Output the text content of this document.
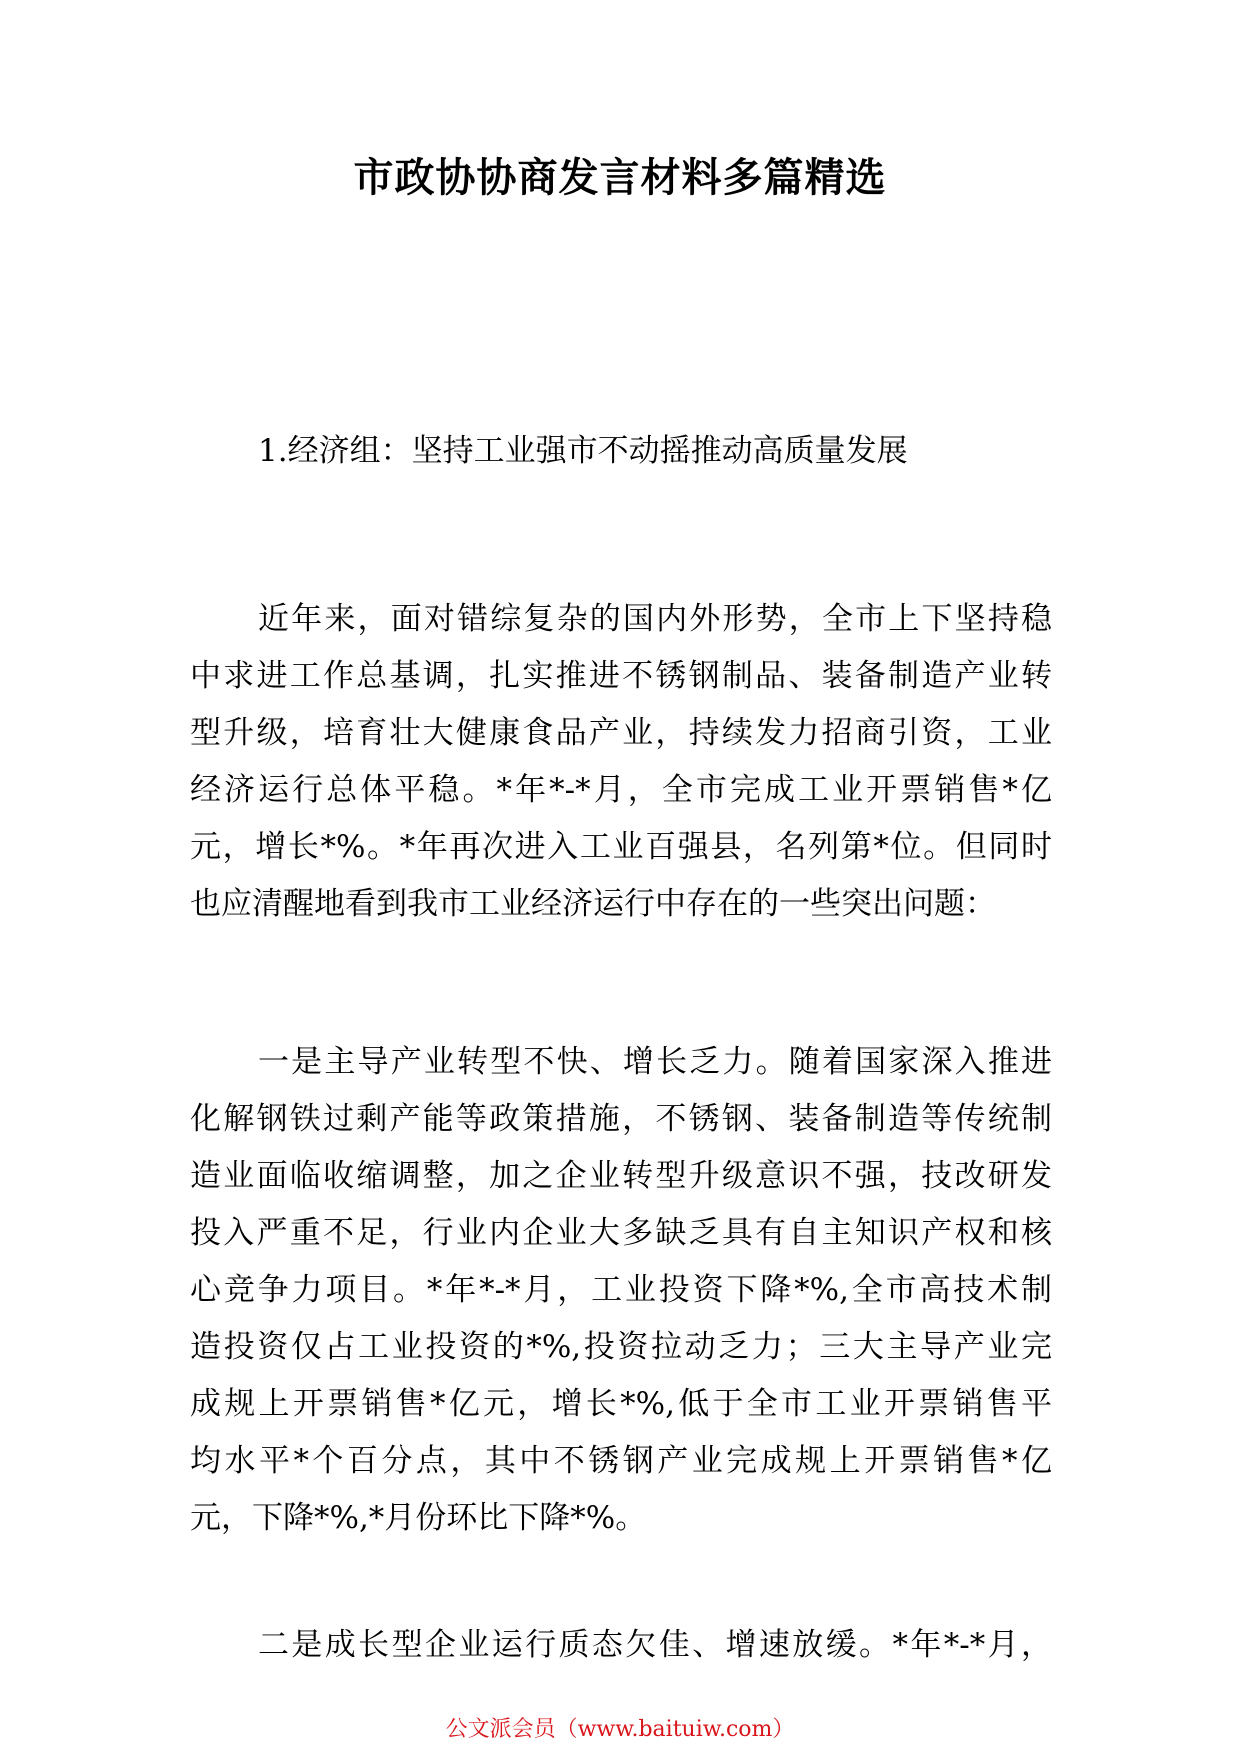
市政协协商发言材料多篇精选

1.经济组：坚持工业强市不动摇推动高质量发展

近年来，面对错综复杂的国内外形势，全市上下坚持稳
中求进工作总基调，扎实推进不锈钢制品、装备制造产业转
型升级，培育壮大健康食品产业，持续发力招商引资，工业
经济运行总体平稳。*年*-*月，全市完成工业开票销售*亿
元，增长*%。*年再次进入工业百强县，名列第*位。但同时
也应清醒地看到我市工业经济运行中存在的一些突出问题：
一是主导产业转型不快、增长乏力。随着国家深入推进
化解钢铁过剩产能等政策措施，不锈钢、装备制造等传统制
造业面临收缩调整，加之企业转型升级意识不强，技改研发
投入严重不足，行业内企业大多缺乏具有自主知识产权和核
心竞争力项目。*年*-*月，工业投资下降*%,全市高技术制
造投资仅占工业投资的*%,投资拉动乏力；三大主导产业完
成规上开票销售*亿元，增长*%,低于全市工业开票销售平
均水平*个百分点，其中不锈钢产业完成规上开票销售*亿
元，下降*%,*月份环比下降*%。
二是成长型企业运行质态欠佳、增速放缓。*年*-*月，

公文派会员（www.baituiw.com）
